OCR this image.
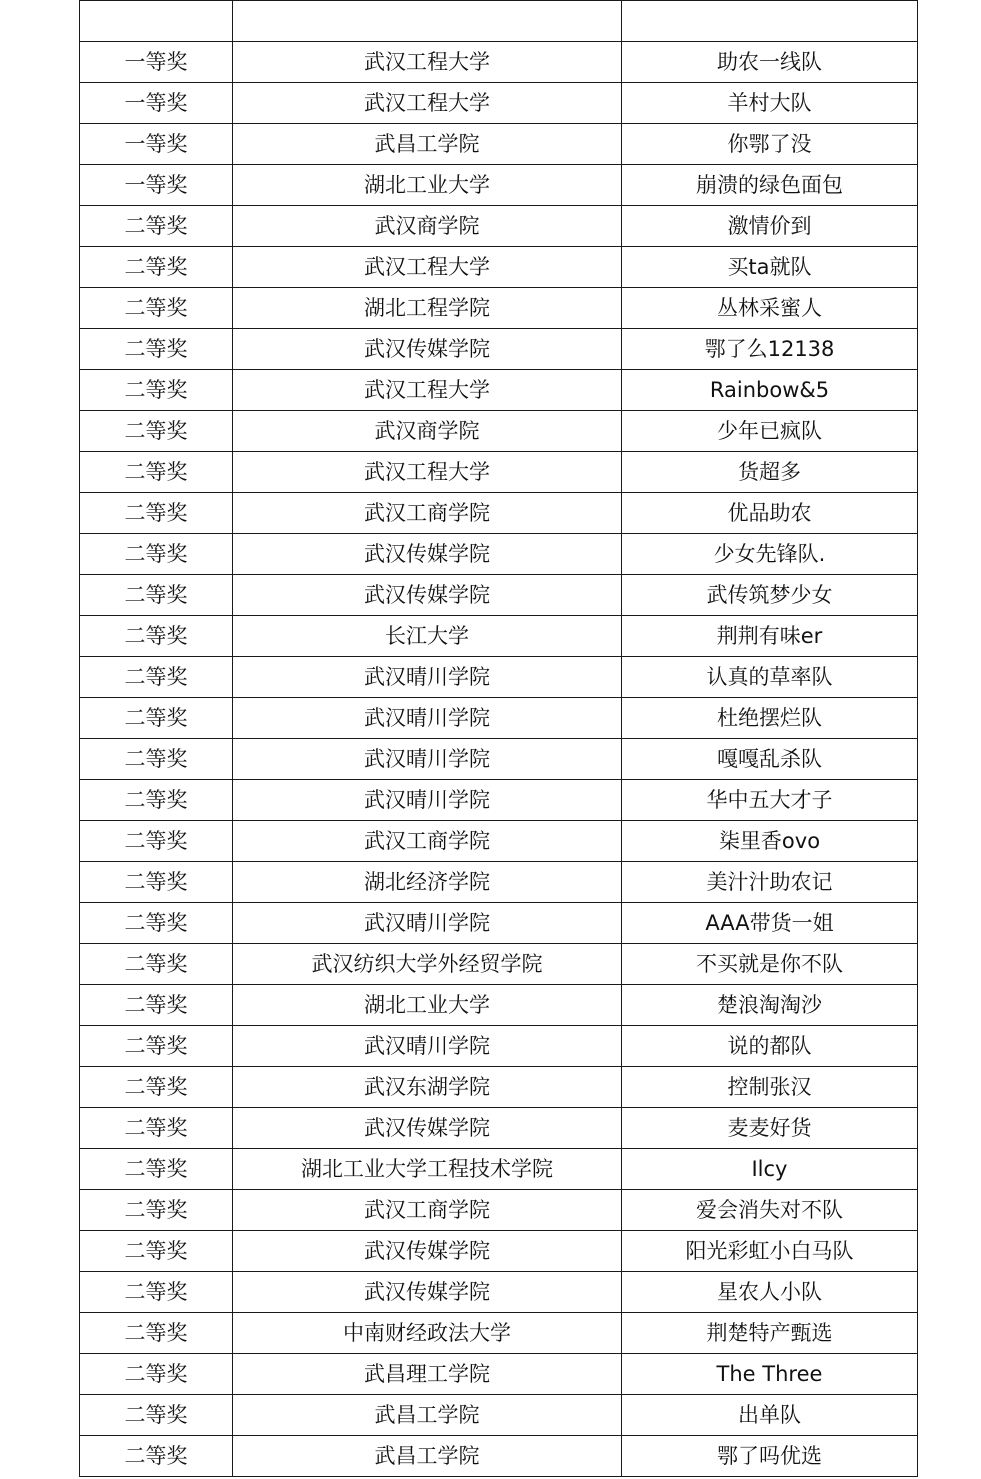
一等奖	武汉工程大学	助农一线队
一等奖	武汉工程大学	羊村大队
一等奖	武昌工学院	你鄂了没
一等奖	湖北工业大学	崩溃的绿色面包
二等奖	武汉商学院	激情价到
二等奖	武汉工程大学	买ta就队
二等奖	湖北工程学院	丛林采蜜人
二等奖	武汉传媒学院	鄂了么12138
二等奖	武汉工程大学	Rainbow&5
二等奖	武汉商学院	少年已疯队
二等奖	武汉工程大学	货超多
二等奖	武汉工商学院	优品助农
二等奖	武汉传媒学院	少女先锋队.
二等奖	武汉传媒学院	武传筑梦少女
二等奖	长江大学	荆荆有味er
二等奖	武汉晴川学院	认真的草率队
二等奖	武汉晴川学院	杜绝摆烂队
二等奖	武汉晴川学院	嘎嘎乱杀队
二等奖	武汉晴川学院	华中五大才子
二等奖	武汉工商学院	柒里香ovo
二等奖	湖北经济学院	美汁汁助农记
二等奖	武汉晴川学院	AAA带货一姐
二等奖	武汉纺织大学外经贸学院	不买就是你不队
二等奖	湖北工业大学	楚浪淘淘沙
二等奖	武汉晴川学院	说的都队
二等奖	武汉东湖学院	控制张汉
二等奖	武汉传媒学院	麦麦好货
二等奖	湖北工业大学工程技术学院	Ilcy
二等奖	武汉工商学院	爱会消失对不队
二等奖	武汉传媒学院	阳光彩虹小白马队
二等奖	武汉传媒学院	星农人小队
二等奖	中南财经政法大学	荆楚特产甄选
二等奖	武昌理工学院	The Three
二等奖	武昌工学院	出单队
二等奖	武昌工学院	鄂了吗优选
